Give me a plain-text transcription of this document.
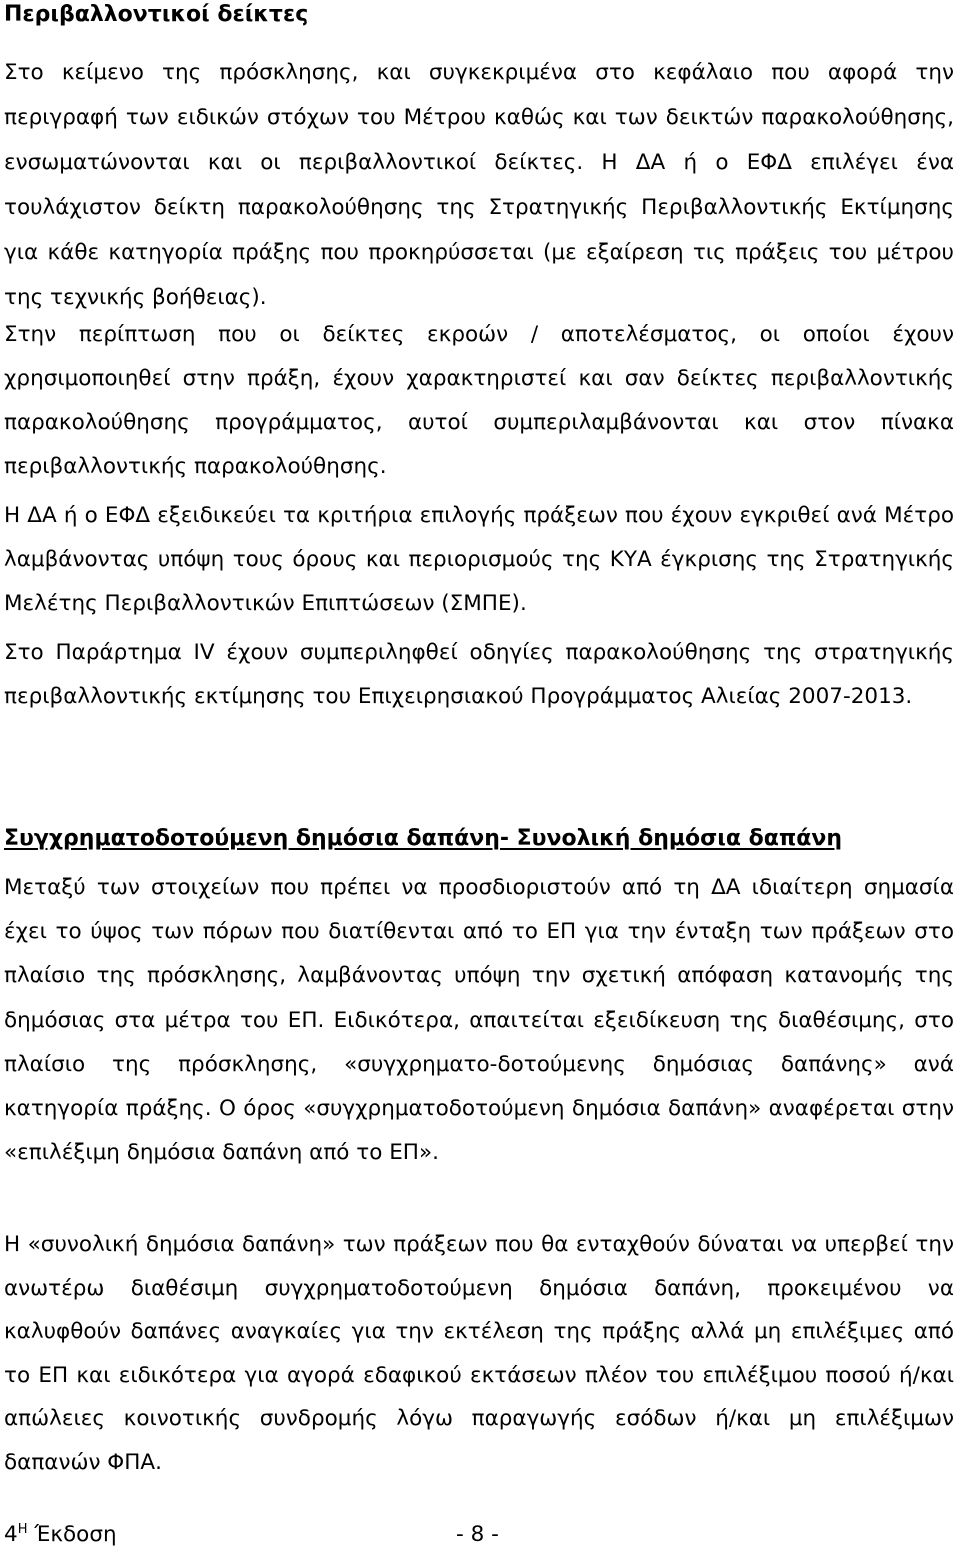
Περιβαλλοντικοί δείκτες

Στο κείμενο της πρόσκλησης, και συγκεκριμένα στο κεφάλαιο που αφορά την περιγραφή των ειδικών στόχων του Μέτρου καθώς και των δεικτών παρακολούθησης, ενσωματώνονται και οι περιβαλλοντικοί δείκτες. Η ΔΑ ή ο ΕΦΔ επιλέγει ένα τουλάχιστον δείκτη παρακολούθησης της Στρατηγικής Περιβαλλοντικής Εκτίμησης για κάθε κατηγορία πράξης που προκηρύσσεται (με εξαίρεση τις πράξεις του μέτρου της τεχνικής βοήθειας).

Στην περίπτωση που οι δείκτες εκροών / αποτελέσματος, οι οποίοι έχουν χρησιμοποιηθεί στην πράξη, έχουν χαρακτηριστεί και σαν δείκτες περιβαλλοντικής παρακολούθησης προγράμματος, αυτοί συμπεριλαμβάνονται και στον πίνακα περιβαλλοντικής παρακολούθησης.

Η ΔΑ ή ο ΕΦΔ εξειδικεύει τα κριτήρια επιλογής πράξεων που έχουν εγκριθεί ανά Μέτρο λαμβάνοντας υπόψη τους όρους και περιορισμούς της ΚΥΑ έγκρισης της Στρατηγικής Μελέτης Περιβαλλοντικών Επιπτώσεων (ΣΜΠΕ).

Στο Παράρτημα IV έχουν συμπεριληφθεί οδηγίες παρακολούθησης της στρατηγικής περιβαλλοντικής εκτίμησης του Επιχειρησιακού Προγράμματος Αλιείας 2007-2013.

Συγχρηματοδοτούμενη δημόσια δαπάνη- Συνολική δημόσια δαπάνη

Μεταξύ των στοιχείων που πρέπει να προσδιοριστούν από τη ΔΑ ιδιαίτερη σημασία έχει το ύψος των πόρων που διατίθενται από το ΕΠ για την ένταξη των πράξεων στο πλαίσιο της πρόσκλησης, λαμβάνοντας υπόψη την σχετική απόφαση κατανομής της δημόσιας στα μέτρα του ΕΠ. Ειδικότερα, απαιτείται εξειδίκευση της διαθέσιμης, στο πλαίσιο της πρόσκλησης, «συγχρηματο-δοτούμενης δημόσιας δαπάνης» ανά κατηγορία πράξης. Ο όρος «συγχρηματοδοτούμενη δημόσια δαπάνη» αναφέρεται στην «επιλέξιμη δημόσια δαπάνη από το ΕΠ».

Η «συνολική δημόσια δαπάνη» των πράξεων που θα ενταχθούν δύναται να υπερβεί την ανωτέρω διαθέσιμη συγχρηματοδοτούμενη δημόσια δαπάνη, προκειμένου να καλυφθούν δαπάνες αναγκαίες για την εκτέλεση της πράξης αλλά μη επιλέξιμες από το ΕΠ και ειδικότερα για αγορά εδαφικού εκτάσεων πλέον του επιλέξιμου ποσού ή/και απώλειες κοινοτικής συνδρομής λόγω παραγωγής εσόδων ή/και μη επιλέξιμων δαπανών ΦΠΑ.

$4^H$ Έκδοση	- 8 -
